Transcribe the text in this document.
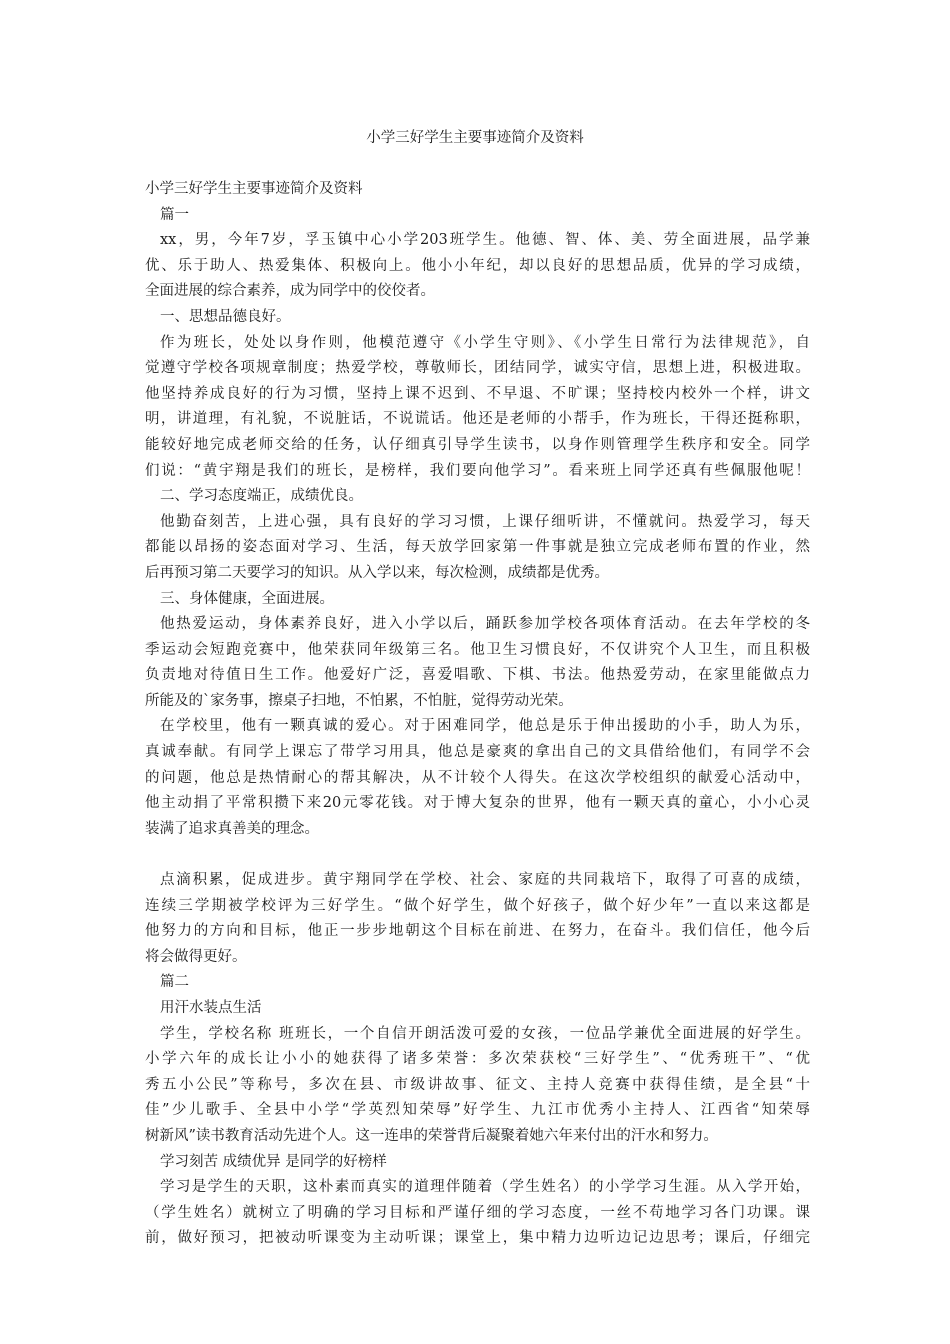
小学三好学生主要事迹简介及资料
小学三好学生主要事迹简介及资料
篇一
xx，男，今年7岁，孚玉镇中心小学203班学生。他德、智、体、美、劳全面进展，品学兼
优、乐于助人、热爱集体、积极向上。他小小年纪，却以良好的思想品质，优异的学习成绩，
全面进展的综合素养，成为同学中的佼佼者。
一、思想品德良好。
作为班长，处处以身作则，他模范遵守《小学生守则》、《小学生日常行为法律规范》，自
觉遵守学校各项规章制度；热爱学校，尊敬师长，团结同学，诚实守信，思想上进，积极进取。
他坚持养成良好的行为习惯，坚持上课不迟到、不早退、不旷课；坚持校内校外一个样，讲文
明，讲道理，有礼貌，不说脏话，不说谎话。他还是老师的小帮手，作为班长，干得还挺称职，
能较好地完成老师交给的任务，认仔细真引导学生读书，以身作则管理学生秩序和安全。同学
们说：“黄宇翔是我们的班长，是榜样，我们要向他学习”。看来班上同学还真有些佩服他呢！
二、学习态度端正，成绩优良。
他勤奋刻苦，上进心强，具有良好的学习习惯，上课仔细听讲，不懂就问。热爱学习，每天
都能以昂扬的姿态面对学习、生活，每天放学回家第一件事就是独立完成老师布置的作业，然
后再预习第二天要学习的知识。从入学以来，每次检测，成绩都是优秀。
三、身体健康，全面进展。
他热爱运动，身体素养良好，进入小学以后，踊跃参加学校各项体育活动。在去年学校的冬
季运动会短跑竞赛中，他荣获同年级第三名。他卫生习惯良好，不仅讲究个人卫生，而且积极
负责地对待值日生工作。他爱好广泛，喜爱唱歌、下棋、书法。他热爱劳动，在家里能做点力
所能及的`家务事，擦桌子扫地，不怕累，不怕脏，觉得劳动光荣。
在学校里，他有一颗真诚的爱心。对于困难同学，他总是乐于伸出援助的小手，助人为乐，
真诚奉献。有同学上课忘了带学习用具，他总是豪爽的拿出自己的文具借给他们，有同学不会
的问题，他总是热情耐心的帮其解决，从不计较个人得失。在这次学校组织的献爱心活动中，
他主动捐了平常积攒下来20元零花钱。对于博大复杂的世界，他有一颗天真的童心，小小心灵
装满了追求真善美的理念。
点滴积累，促成进步。黄宇翔同学在学校、社会、家庭的共同栽培下，取得了可喜的成绩，
连续三学期被学校评为三好学生。“做个好学生，做个好孩子，做个好少年”一直以来这都是
他努力的方向和目标，他正一步步地朝这个目标在前进、在努力，在奋斗。我们信任，他今后
将会做得更好。
篇二
用汗水装点生活
学生，学校名称 班班长，一个自信开朗活泼可爱的女孩，一位品学兼优全面进展的好学生。
小学六年的成长让小小的她获得了诸多荣誉：多次荣获校“三好学生”、“优秀班干”、“优
秀五小公民”等称号，多次在县、市级讲故事、征文、主持人竞赛中获得佳绩，是全县“十
佳”少儿歌手、全县中小学“学英烈知荣辱”好学生、九江市优秀小主持人、江西省“知荣辱
树新风”读书教育活动先进个人。这一连串的荣誉背后凝聚着她六年来付出的汗水和努力。
学习刻苦 成绩优异 是同学的好榜样
学习是学生的天职，这朴素而真实的道理伴随着（学生姓名）的小学学习生涯。从入学开始，
（学生姓名）就树立了明确的学习目标和严谨仔细的学习态度，一丝不苟地学习各门功课。课
前，做好预习，把被动听课变为主动听课；课堂上，集中精力边听边记边思考；课后，仔细完
